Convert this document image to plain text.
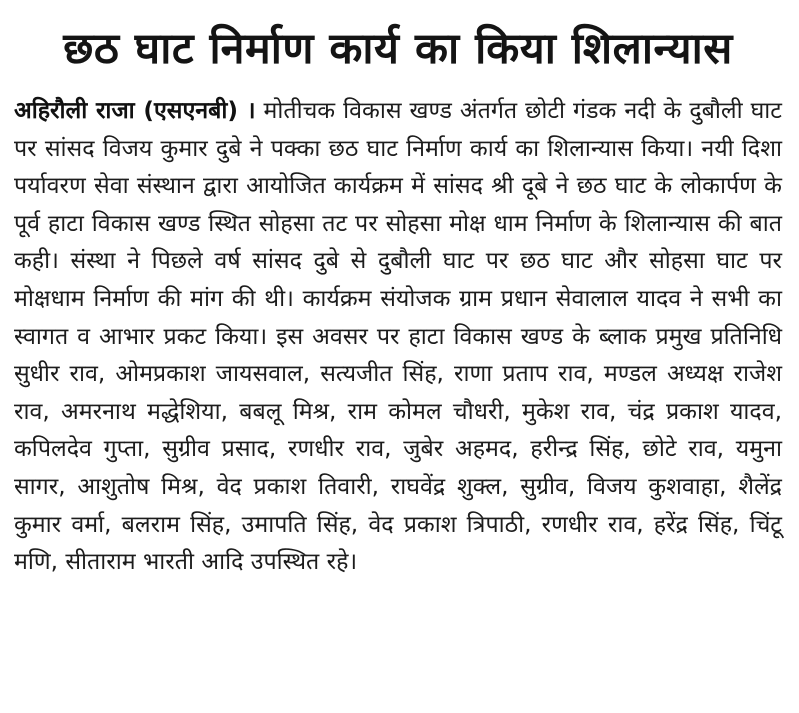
छठ घाट निर्माण कार्य का किया शिलान्यास

अहिरौली राजा (एसएनबी) । मोतीचक विकास खण्ड अंतर्गत छोटी गंडक नदी के दुबौली घाट पर सांसद विजय कुमार दुबे ने पक्का छठ घाट निर्माण कार्य का शिलान्यास किया। नयी दिशा पर्यावरण सेवा संस्थान द्वारा आयोजित कार्यक्रम में सांसद श्री दूबे ने छठ घाट के लोकार्पण के पूर्व हाटा विकास खण्ड स्थित सोहसा तट पर सोहसा मोक्ष धाम निर्माण के शिलान्यास की बात कही। संस्था ने पिछले वर्ष सांसद दुबे से दुबौली घाट पर छठ घाट और सोहसा घाट पर मोक्षधाम निर्माण की मांग की थी। कार्यक्रम संयोजक ग्राम प्रधान सेवालाल यादव ने सभी का स्वागत व आभार प्रकट किया। इस अवसर पर हाटा विकास खण्ड के ब्लाक प्रमुख प्रतिनिधि सुधीर राव, ओमप्रकाश जायसवाल, सत्यजीत सिंह, राणा प्रताप राव, मण्डल अध्यक्ष राजेश राव, अमरनाथ मद्धेशिया, बबलू मिश्र, राम कोमल चौधरी, मुकेश राव, चंद्र प्रकाश यादव, कपिलदेव गुप्ता, सुग्रीव प्रसाद, रणधीर राव, जुबेर अहमद, हरीन्द्र सिंह, छोटे राव, यमुना सागर, आशुतोष मिश्र, वेद प्रकाश तिवारी, राघवेंद्र शुक्ल, सुग्रीव, विजय कुशवाहा, शैलेंद्र कुमार वर्मा, बलराम सिंह, उमापति सिंह, वेद प्रकाश त्रिपाठी, रणधीर राव, हरेंद्र सिंह, चिंटू मणि, सीताराम भारती आदि उपस्थित रहे।
